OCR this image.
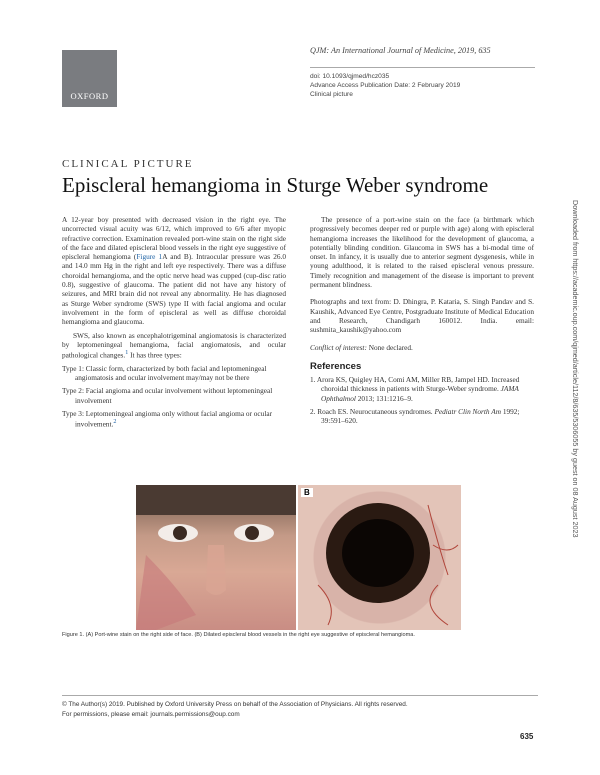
OXFORD
QJM: An International Journal of Medicine, 2019, 635
doi: 10.1093/qjmed/hcz035
Advance Access Publication Date: 2 February 2019
Clinical picture
CLINICAL PICTURE
Episcleral hemangioma in Sturge Weber syndrome

A 12-year boy presented with decreased vision in the right eye. The uncorrected visual acuity was 6/12, which improved to 6/6 after myopic refractive correction. Examination revealed port-wine stain on the right side of the face and dilated episcleral blood vessels in the right eye suggestive of episcleral hemangioma (Figure 1A and B). Intraocular pressure was 26.0 and 14.0 mm Hg in the right and left eye respectively. There was a diffuse choroidal hemangioma, and the optic nerve head was cupped (cup-disc ratio 0.8), suggestive of glaucoma. The patient did not have any history of seizures, and MRI brain did not reveal any abnormality. He has diagnosed as Sturge Weber syndrome (SWS) type II with facial angioma and ocular involvement in the form of episcleral as well as diffuse choroidal hemangioma and glaucoma.

SWS, also known as encephalotrigeminal angiomatosis is characterized by leptomeningeal hemangioma, facial angiomatosis, and ocular pathological changes.$^1$ It has three types:

Type 1: Classic form, characterized by both facial and leptomeningeal angiomatosis and ocular involvement may/may not be there

Type 2: Facial angioma and ocular involvement without leptomeningeal involvement

Type 3: Leptomeningeal angioma only without facial angioma or ocular involvement.$^2$

The presence of a port-wine stain on the face (a birthmark which progressively becomes deeper red or purple with age) along with episcleral hemangioma increases the likelihood for the development of glaucoma, a potentially blinding condition. Glaucoma in SWS has a bi-modal time of onset. In infancy, it is usually due to anterior segment dysgenesis, while in young adulthood, it is related to the raised episcleral venous pressure. Timely recognition and management of the disease is important to prevent permanent blindness.

Photographs and text from: D. Dhingra, P. Kataria, S. Singh Pandav and S. Kaushik, Advanced Eye Centre, Postgraduate Institute of Medical Education and Research, Chandigarh 160012. India. email: sushmita_kaushik@yahoo.com

Conflict of interest: None declared.

References

1. Arora KS, Quigley HA, Comi AM, Miller RB, Jampel HD. Increased choroidal thickness in patients with Sturge-Weber syndrome. JAMA Ophthalmol 2013; 131:1216–9.

2. Roach ES. Neurocutaneous syndromes. Pediatr Clin North Am 1992; 39:591–620.

B
Figure 1. (A) Port-wine stain on the right side of face. (B) Dilated episcleral blood vessels in the right eye suggestive of episcleral hemangioma.
© The Author(s) 2019. Published by Oxford University Press on behalf of the Association of Physicians. All rights reserved.
For permissions, please email: journals.permissions@oup.com
635
Downloaded from https://academic.oup.com/qjmed/article/112/8/635/5306055 by guest on 08 August 2023
